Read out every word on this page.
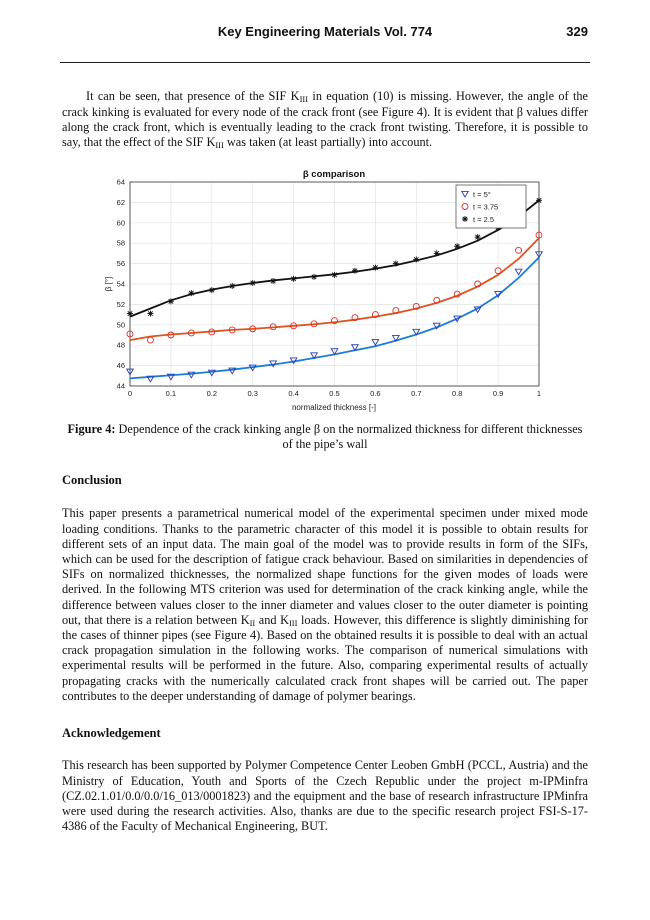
Key Engineering Materials Vol. 774	329

It can be seen, that presence of the SIF $K_{III}$ in equation (10) is missing. However, the angle of the crack kinking is evaluated for every node of the crack front (see Figure 4). It is evident that β values differ along the crack front, which is eventually leading to the crack front twisting. Therefore, it is possible to say, that the effect of the SIF $K_{III}$ was taken (at least partially) into account.

0	0.1	0.2	0.3	0.4	0.5	0.6	0.7	0.8	0.9	1
44
46
48
50
52
54
56
58
60
62
64
β comparison
normalized thickness [-]
β [°]
t = 5°
t = 3.75
t = 2.5
Figure 4: Dependence of the crack kinking angle β on the normalized thickness for different thicknesses of the pipe’s wall
Conclusion

This paper presents a parametrical numerical model of the experimental specimen under mixed mode loading conditions. Thanks to the parametric character of this model it is possible to obtain results for different sets of an input data. The main goal of the model was to provide results in form of the SIFs, which can be used for the description of fatigue crack behaviour. Based on similarities in dependencies of SIFs on normalized thicknesses, the normalized shape functions for the given modes of loads were derived. In the following MTS criterion was used for determination of the crack kinking angle, while the difference between values closer to the inner diameter and values closer to the outer diameter is pointing out, that there is a relation between $K_{II}$ and $K_{III}$ loads. However, this difference is slightly diminishing for the cases of thinner pipes (see Figure 4). Based on the obtained results it is possible to deal with an actual crack propagation simulation in the following works. The comparison of numerical simulations with experimental results will be performed in the future. Also, comparing experimental results of actually propagating cracks with the numerically calculated crack front shapes will be carried out. The paper contributes to the deeper understanding of damage of polymer bearings.

Acknowledgement

This research has been supported by Polymer Competence Center Leoben GmbH (PCCL, Austria) and the Ministry of Education, Youth and Sports of the Czech Republic under the project m-IPMinfra (CZ.02.1.01/0.0/0.0/16_013/0001823) and the equipment and the base of research infrastructure IPMinfra were used during the research activities. Also, thanks are due to the specific research project FSI-S-17-4386 of the Faculty of Mechanical Engineering, BUT.
